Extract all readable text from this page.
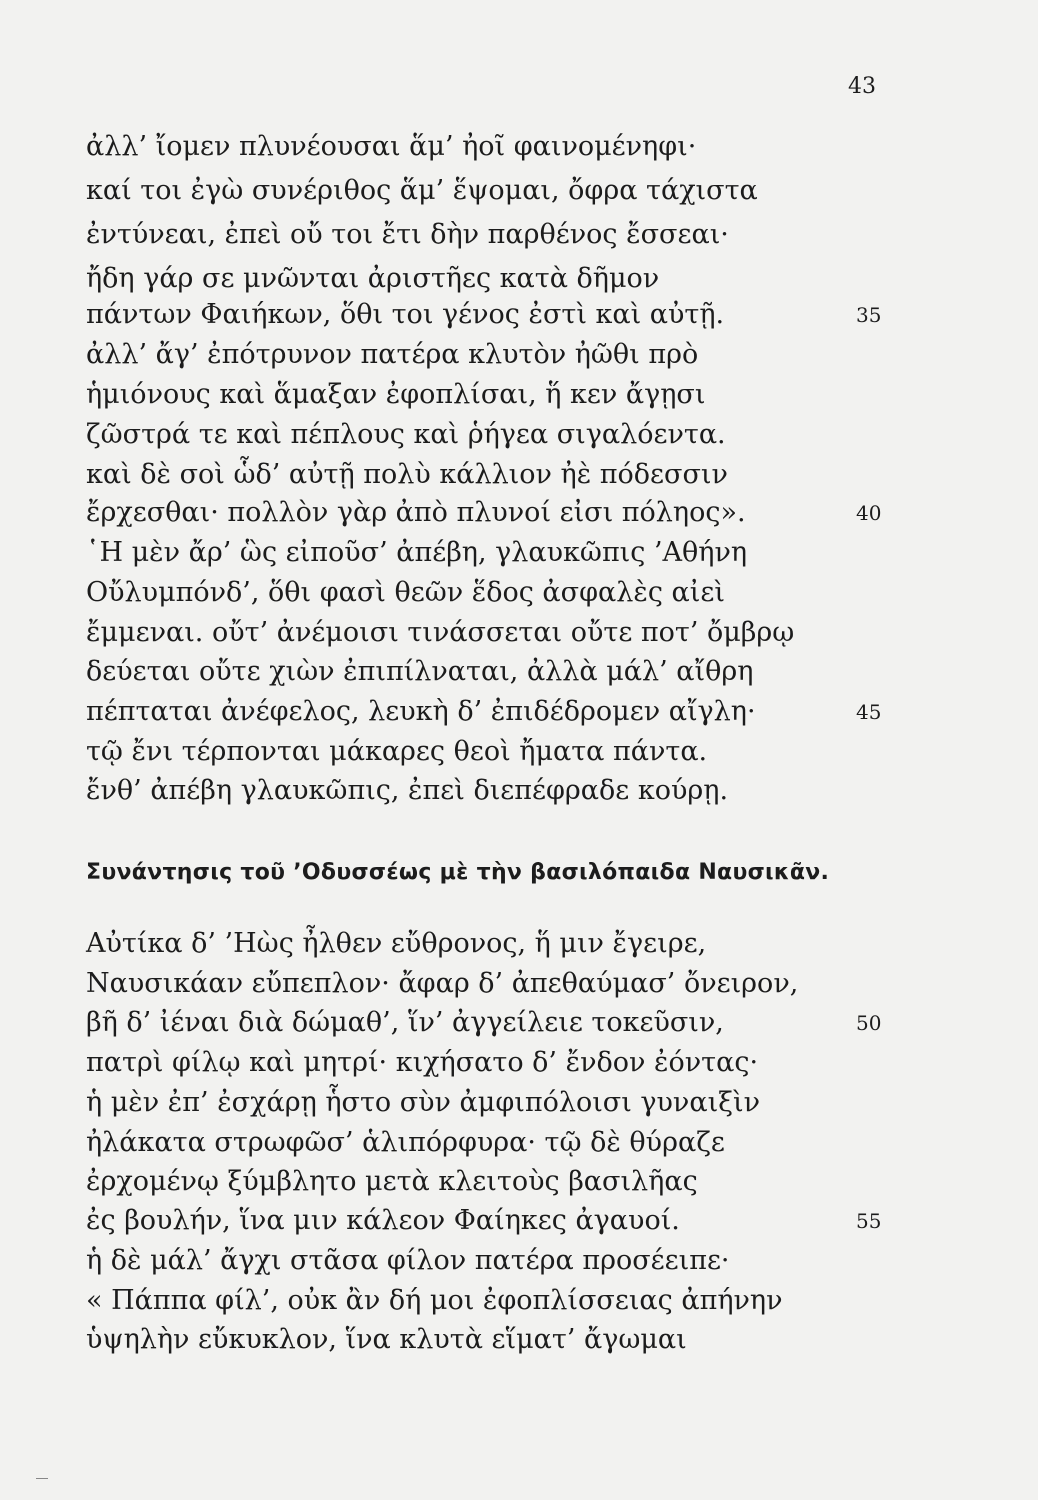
43
ἀλλ’ ἴομεν πλυνέουσαι ἅμ’ ἠοῖ φαινομένηφι·
καί τοι ἐγὼ συνέριθος ἅμ’ ἕψομαι, ὄφρα τάχιστα
ἐντύνεαι, ἐπεὶ οὔ τοι ἔτι δὴν παρθένος ἔσσεαι·
ἤδη γάρ σε μνῶνται ἀριστῆες κατὰ δῆμον
πάντων Φαιήκων, ὅθι τοι γένος ἐστὶ καὶ αὐτῇ.	35
ἀλλ’ ἄγ’ ἐπότρυνον πατέρα κλυτὸν ἠῶθι πρὸ
ἡμιόνους καὶ ἅμαξαν ἐφοπλίσαι, ἥ κεν ἄγῃσι
ζῶστρά τε καὶ πέπλους καὶ ῥήγεα σιγαλόεντα.
καὶ δὲ σοὶ ὧδ’ αὐτῇ πολὺ κάλλιον ἠὲ πόδεσσιν
ἔρχεσθαι· πολλὸν γὰρ ἀπὸ πλυνοί εἰσι πόληος».	40
῾Η μὲν ἄρ’ ὣς εἰποῦσ’ ἀπέβη, γλαυκῶπις ’Αθήνη
Οὔλυμπόνδ’, ὅθι φασὶ θεῶν ἕδος ἀσφαλὲς αἰεὶ
ἔμμεναι. οὔτ’ ἀνέμοισι τινάσσεται οὔτε ποτ’ ὄμβρῳ
δεύεται οὔτε χιὼν ἐπιπίλναται, ἀλλὰ μάλ’ αἴθρη
πέπταται ἀνέφελος, λευκὴ δ’ ἐπιδέδρομεν αἴγλη·	45
τῷ ἔνι τέρπονται μάκαρες θεοὶ ἤματα πάντα.
ἔνθ’ ἀπέβη γλαυκῶπις, ἐπεὶ διεπέφραδε κούρῃ.
Συνάντησις τοῦ ’Οδυσσέως μὲ τὴν βασιλόπαιδα Ναυσικᾶν.
Αὐτίκα δ’ ’Ηὼς ἦλθεν εὔθρονος, ἥ μιν ἔγειρε,
Ναυσικάαν εὔπεπλον· ἄφαρ δ’ ἀπεθαύμασ’ ὄνειρον,
βῆ δ’ ἰέναι διὰ δώμαθ’, ἵν’ ἀγγείλειε τοκεῦσιν,	50
πατρὶ φίλῳ καὶ μητρί· κιχήσατο δ’ ἔνδον ἐόντας·
ἡ μὲν ἐπ’ ἐσχάρῃ ἧστο σὺν ἀμφιπόλοισι γυναιξὶν
ἠλάκατα στρωφῶσ’ ἁλιπόρφυρα· τῷ δὲ θύραζε
ἐρχομένῳ ξύμβλητο μετὰ κλειτοὺς βασιλῆας
ἐς βουλήν, ἵνα μιν κάλεον Φαίηκες ἀγαυοί.	55
ἡ δὲ μάλ’ ἄγχι στᾶσα φίλον πατέρα προσέειπε·
« Πάππα φίλ’, οὐκ ἂν δή μοι ἐφοπλίσσειας ἀπήνην
ὑψηλὴν εὔκυκλον, ἵνα κλυτὰ εἵματ’ ἄγωμαι
